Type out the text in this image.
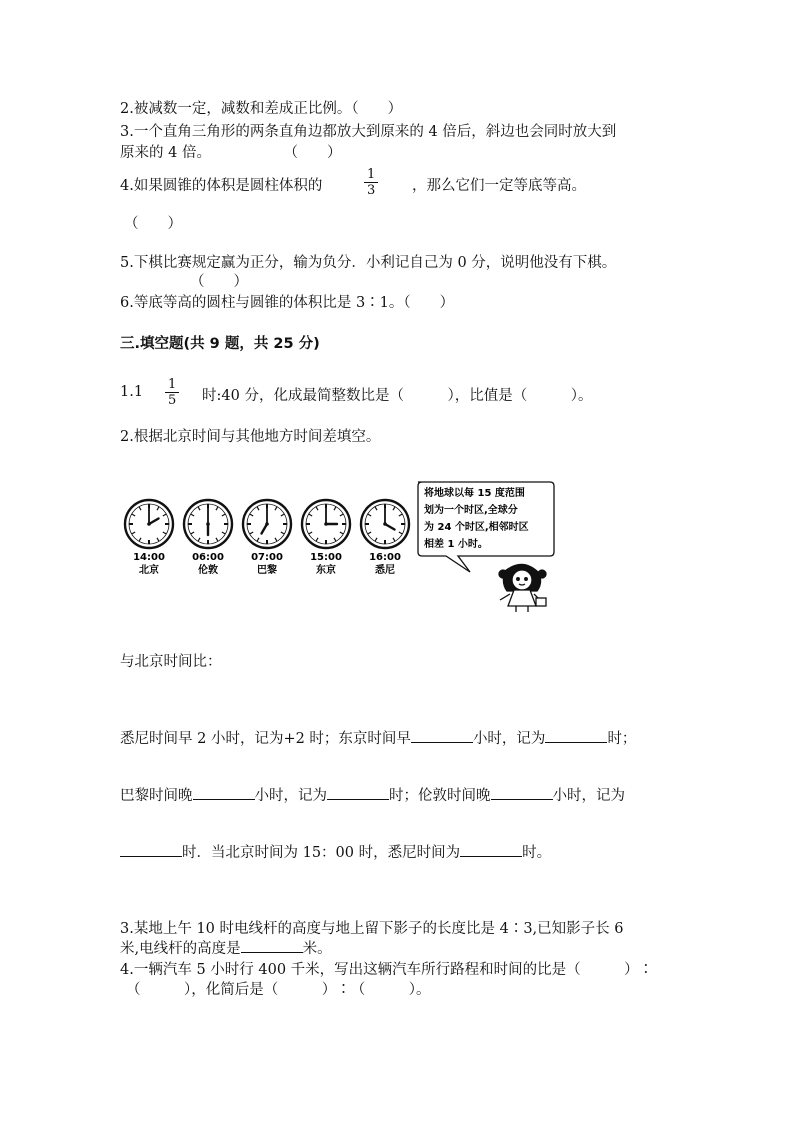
2.被减数一定，减数和差成正比例。（　　）
3.一个直角三角形的两条直角边都放大到原来的 4 倍后，斜边也会同时放大到
原来的 4 倍。　　　　　　（　　）
4.如果圆锥的体积是圆柱体积的	$\frac{1}{3}$ ，那么它们一定等底等高。
（　　）
5.下棋比赛规定赢为正分，输为负分．小利记自己为 0 分，说明他没有下棋。
（　　）
6.等底等高的圆柱与圆锥的体积比是 3∶1。（　　）
三.填空题(共 9 题，共 25 分)
$1.1 \frac{1}{5}$ 时:40 分，化成最简整数比是（　　　），比值是（　　　）。
2.根据北京时间与其他地方时间差填空。
将地球以每 15 度范围
划为一个时区,全球分
为 24 个时区,相邻时区
相差 1 小时。
14:00
北京
06:00
伦敦
07:00
巴黎
15:00
东京
16:00
悉尼
与北京时间比：
悉尼时间早 2 小时，记为+2 时；东京时间早	小时，记为	时；
巴黎时间晚	小时，记为	时；伦敦时间晚	小时，记为
时．当北京时间为 15：00 时，悉尼时间为	时。
3.某地上午 10 时电线杆的高度与地上留下影子的长度比是 4∶3,已知影子长 6
米,电线杆的高度是	米。
4.一辆汽车 5 小时行 400 千米，写出这辆汽车所行路程和时间的比是（　　　）∶
（　　　），化简后是（　　　）∶（　　　）。
